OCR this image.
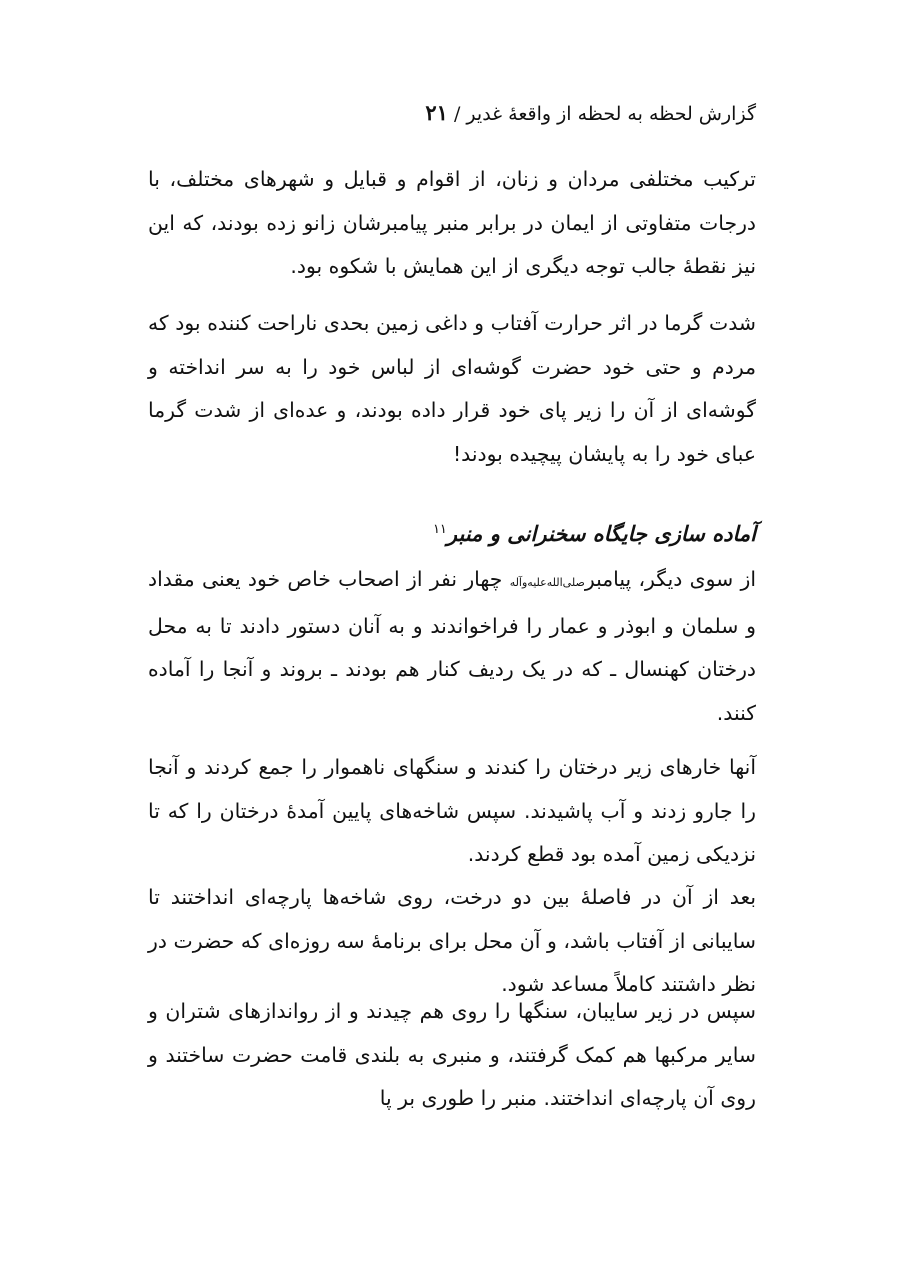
گزارش لحظه به لحظه از واقعهٔ غدیر / ۲۱

ترکیب مختلفی مردان و زنان، از اقوام و قبایل و شهرهای مختلف، با درجات متفاوتی از ایمان در برابر منبر پیامبرشان زانو زده بودند، که این نیز نقطهٔ جالب توجه دیگری از این همایش با شکوه بود.

شدت گرما در اثر حرارت آفتاب و داغی زمین بحدی ناراحت کننده بود که مردم و حتی خود حضرت گوشه‌ای از لباس خود را به سر انداخته و گوشه‌ای از آن را زیر پای خود قرار داده بودند، و عده‌ای از شدت گرما عبای خود را به پایشان پیچیده بودند!

آماده سازی جایگاه سخنرانی و منبر$^{۱۱}$

از سوی دیگر، پیامبرصلی‌الله‌علیه‌وآله چهار نفر از اصحاب خاص خود یعنی مقداد و سلمان و ابوذر و عمار را فراخواندند و به آنان دستور دادند تا به محل درختان کهنسال ـ که در یک ردیف کنار هم بودند ـ بروند و آنجا را آماده کنند.

آنها خارهای زیر درختان را کندند و سنگهای ناهموار را جمع کردند و آنجا را جارو زدند و آب پاشیدند. سپس شاخه‌های پایین آمدهٔ درختان را که تا نزدیکی زمین آمده بود قطع کردند.

بعد از آن در فاصلهٔ بین دو درخت، روی شاخه‌ها پارچه‌ای انداختند تا سایبانی از آفتاب باشد، و آن محل برای برنامهٔ سه روزه‌ای که حضرت در نظر داشتند کاملاً مساعد شود.

سپس در زیر سایبان، سنگها را روی هم چیدند و از روانداز‌های شتران و سایر مرکبها هم کمک گرفتند، و منبری به بلندی قامت حضرت ساختند و روی آن پارچه‌ای انداختند. منبر را طوری بر پا
